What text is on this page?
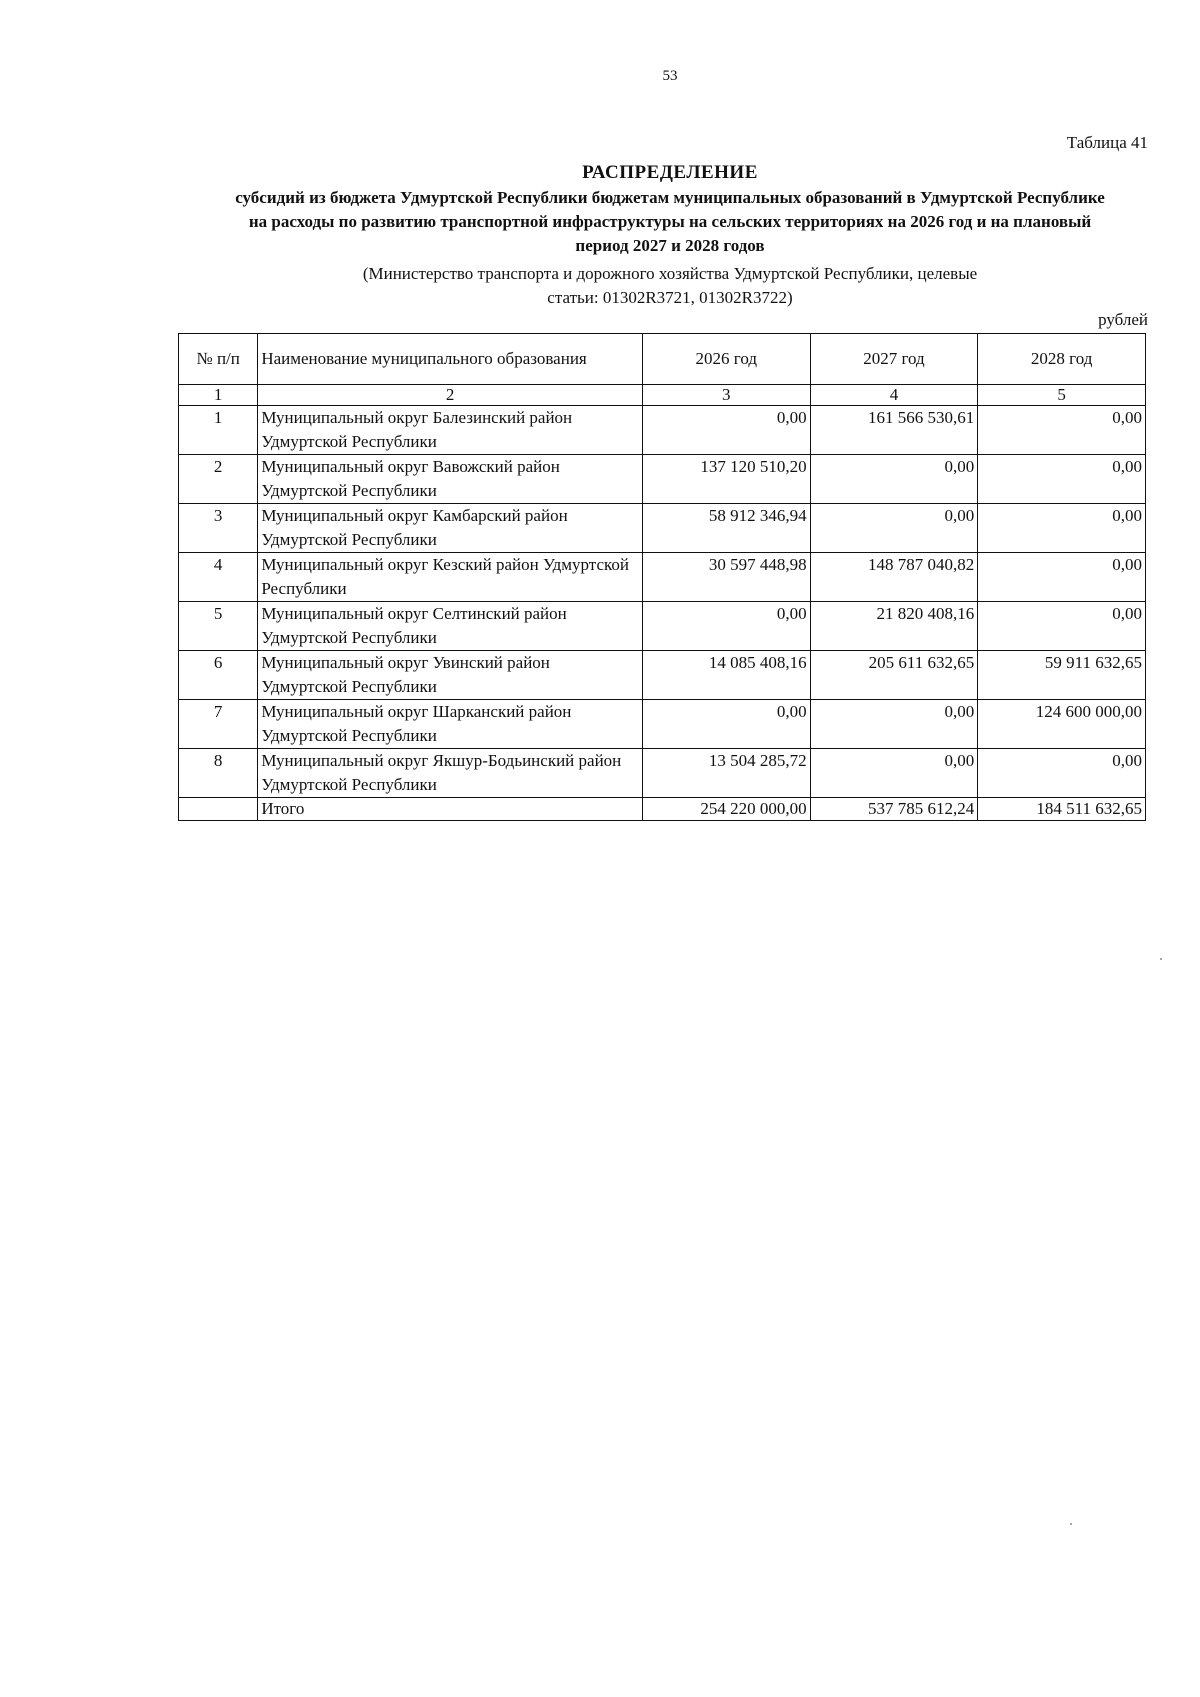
53
Таблица 41
РАСПРЕДЕЛЕНИЕ
субсидий из бюджета Удмуртской Республики бюджетам муниципальных образований в Удмуртской Республике на расходы по развитию транспортной инфраструктуры на сельских территориях на 2026 год и на плановый период 2027 и 2028 годов
(Министерство транспорта и дорожного хозяйства Удмуртской Республики, целевые статьи: 01302R3721, 01302R3722)
рублей
№ п/п	Наименование муниципального образования	2026 год	2027 год	2028 год
1	2	3	4	5
1	Муниципальный округ Балезинский район Удмуртской Республики	0,00	161 566 530,61	0,00
2	Муниципальный округ Вавожский район Удмуртской Республики	137 120 510,20	0,00	0,00
3	Муниципальный округ Камбарский район Удмуртской Республики	58 912 346,94	0,00	0,00
4	Муниципальный округ Кезский район Удмуртской Республики	30 597 448,98	148 787 040,82	0,00
5	Муниципальный округ Селтинский район Удмуртской Республики	0,00	21 820 408,16	0,00
6	Муниципальный округ Увинский район Удмуртской Республики	14 085 408,16	205 611 632,65	59 911 632,65
7	Муниципальный округ Шарканский район Удмуртской Республики	0,00	0,00	124 600 000,00
8	Муниципальный округ Якшур-Бодьинский район Удмуртской Республики	13 504 285,72	0,00	0,00
	Итого	254 220 000,00	537 785 612,24	184 511 632,65
